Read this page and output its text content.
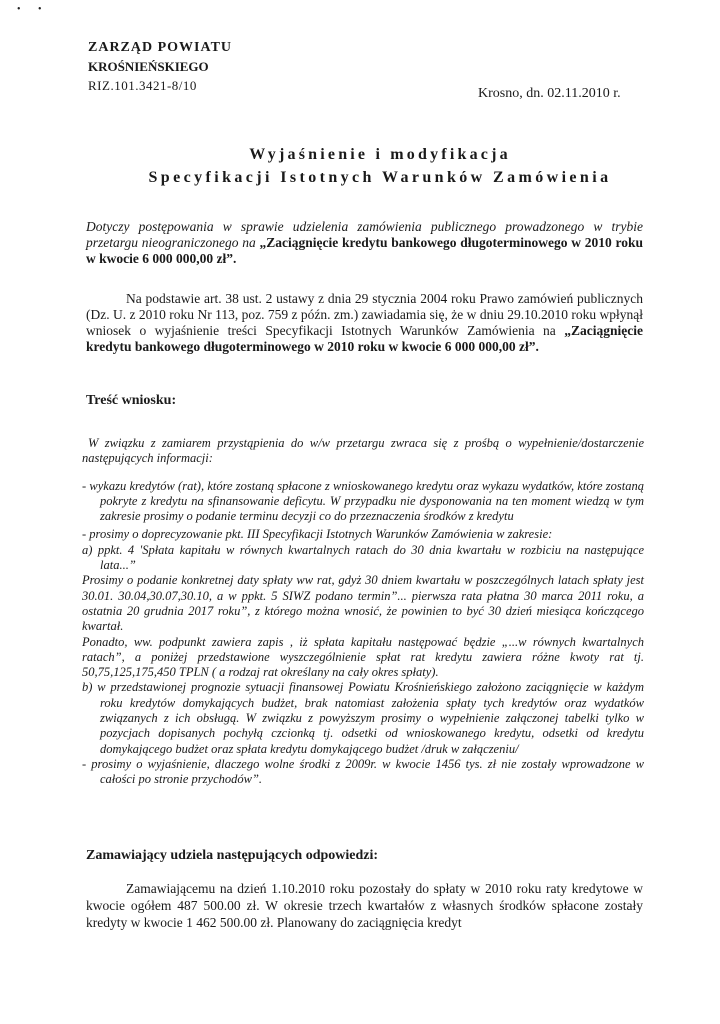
• •
ZARZĄD POWIATU
KROŚNIEŃSKIEGO
RIZ.101.3421-8/10
Krosno, dn. 02.11.2010 r.
Wyjaśnienie i modyfikacja
Specyfikacji Istotnych Warunków Zamówienia

Dotyczy postępowania w sprawie udzielenia zamówienia publicznego prowadzonego w trybie przetargu nieograniczonego na „Zaciągnięcie kredytu bankowego długoterminowego w 2010 roku w kwocie 6 000 000,00 zł”.

Na podstawie art. 38 ust. 2 ustawy z dnia 29 stycznia 2004 roku Prawo zamówień publicznych (Dz. U. z 2010 roku Nr 113, poz. 759 z późn. zm.) zawiadamia się, że w dniu 29.10.2010 roku wpłynął wniosek o wyjaśnienie treści Specyfikacji Istotnych Warunków Zamówienia na „Zaciągnięcie kredytu bankowego długoterminowego w 2010 roku w kwocie 6 000 000,00 zł”.

Treść wniosku:

W związku z zamiarem przystąpienia do w/w przetargu zwraca się z prośbą o wypełnienie/dostarczenie następujących informacji:

- wykazu kredytów (rat), które zostaną spłacone z wnioskowanego kredytu oraz wykazu wydatków, które zostaną pokryte z kredytu na sfinansowanie deficytu. W przypadku nie dysponowania na ten moment wiedzą w tym zakresie prosimy o podanie terminu decyzji co do przeznaczenia środków z kredytu

- prosimy o doprecyzowanie pkt. III Specyfikacji Istotnych Warunków Zamówienia w zakresie:

a) ppkt. 4 'Spłata kapitału w równych kwartalnych ratach do 30 dnia kwartału w rozbiciu na następujące lata...”

Prosimy o podanie konkretnej daty spłaty ww rat, gdyż 30 dniem kwartału w poszczególnych latach spłaty jest 30.01. 30.04,30.07,30.10, a w ppkt. 5 SIWZ podano termin”... pierwsza rata płatna 30 marca 2011 roku, a ostatnia 20 grudnia 2017 roku”, z którego można wnosić, że powinien to być 30 dzień miesiąca kończącego kwartał.

Ponadto, ww. podpunkt zawiera zapis , iż spłata kapitału następować będzie „...w równych kwartalnych ratach”, a poniżej przedstawione wyszczególnienie spłat rat kredytu zawiera różne kwoty rat tj. 50,75,125,175,450 TPLN ( a rodzaj rat określany na cały okres spłaty).

b) w przedstawionej prognozie sytuacji finansowej Powiatu Krośnieńskiego założono zaciągnięcie w każdym roku kredytów domykających budżet, brak natomiast założenia spłaty tych kredytów oraz wydatków związanych z ich obsługą. W związku z powyższym prosimy o wypełnienie załączonej tabelki tylko w pozycjach dopisanych pochyłą czcionką tj. odsetki od wnioskowanego kredytu, odsetki od kredytu domykającego budżet oraz spłata kredytu domykającego budżet /druk w załączeniu/

- prosimy o wyjaśnienie, dlaczego wolne środki z 2009r. w kwocie 1456 tys. zł nie zostały wprowadzone w całości po stronie przychodów”.

Zamawiający udziela następujących odpowiedzi:

Zamawiającemu na dzień 1.10.2010 roku pozostały do spłaty w 2010 roku raty kredytowe w kwocie ogółem 487 500.00 zł. W okresie trzech kwartałów z własnych środków spłacone zostały kredyty w kwocie 1 462 500.00 zł. Planowany do zaciągnięcia kredyt
